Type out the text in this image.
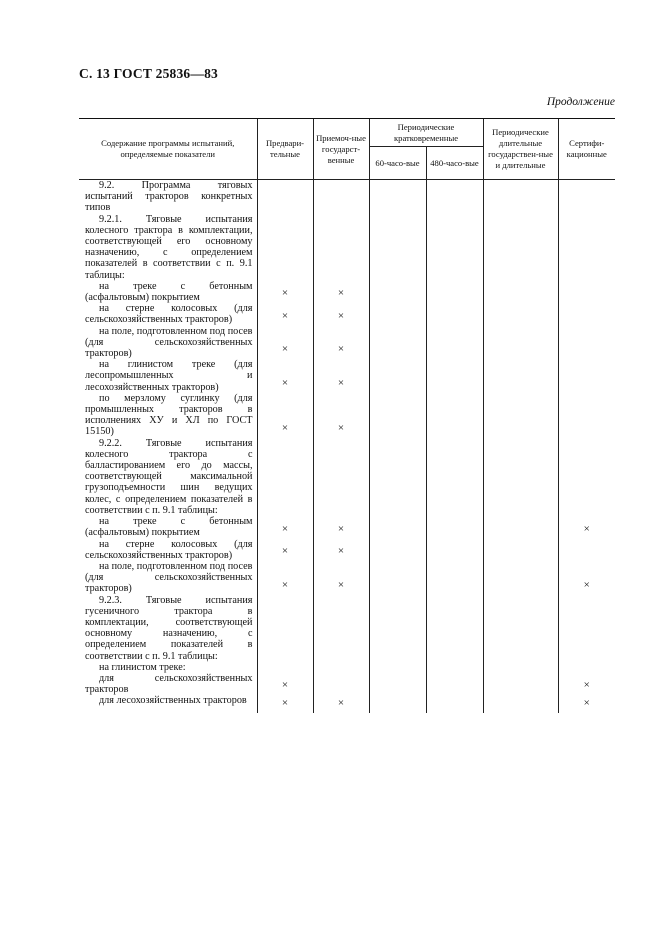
С. 13 ГОСТ 25836—83
Продолжение
Содержание программы испытаний, определяемые показатели	Предвари-тельные	Приемоч-ные государст-венные	Периодические кратковременные		Периодические длительные государствен-ные и длительные	Сертифи-кационные
			60-часо-вые	480-часо-вые		
9.2. Программа тяговых испытаний тракторов конкретных типов						
9.2.1. Тяговые испытания колесного трактора в комплектации, соответствующей его основному назначению, с определением показателей в соответствии с п. 9.1 таблицы:						
на треке с бетонным (асфальтовым) покрытием	×	×				
на стерне колосовых (для сельскохозяйственных тракторов)	×	×				
на поле, подготовленном под посев (для сельскохозяйственных тракторов)	×	×				
на глинистом треке (для лесопромышленных и лесохозяйственных тракторов)	×	×				
по мерзлому суглинку (для промышленных тракторов в исполнениях ХУ и ХЛ по ГОСТ 15150)	×	×				
9.2.2. Тяговые испытания колесного трактора с балластированием его до массы, соответствующей максимальной грузоподъемности шин ведущих колес, с определением показателей в соответствии с п. 9.1 таблицы:						
на треке с бетонным (асфальтовым) покрытием	×	×				×
на стерне колосовых (для сельскохозяйственных тракторов)	×	×				
на поле, подготовленном под посев (для сельскохозяйственных тракторов)	×	×				×
9.2.3. Тяговые испытания гусеничного трактора в комплектации, соответствующей основному назначению, с определением показателей в соответствии с п. 9.1 таблицы:						
на глинистом треке:						
для сельскохозяйственных тракторов	×					×
для лесохозяйственных тракторов	×	×				×
